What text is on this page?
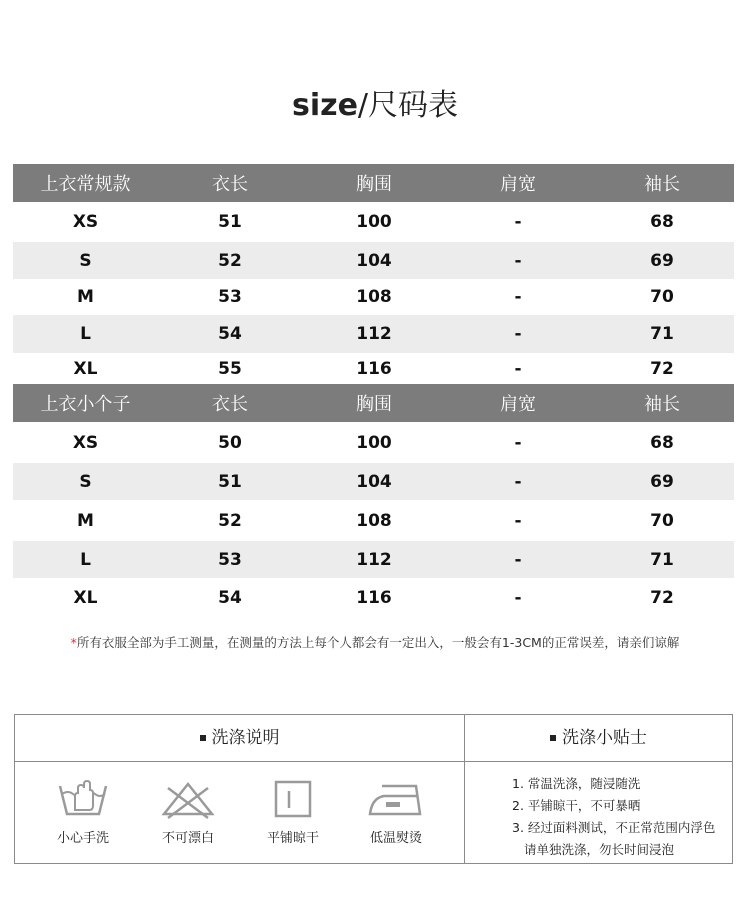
size/尺码表
上衣常规款	衣长	胸围	肩宽	袖长
XS	51	100	-	68
S	52	104	-	69
M	53	108	-	70
L	54	112	-	71
XL	55	116	-	72
上衣小个子	衣长	胸围	肩宽	袖长
XS	50	100	-	68
S	51	104	-	69
M	52	108	-	70
L	53	112	-	71
XL	54	116	-	72
*所有衣服全部为手工测量，在测量的方法上每个人都会有一定出入，一般会有1-3CM的正常误差，请亲们谅解
洗涤说明	洗涤小贴士
小心手洗	不可漂白	平铺晾干	低温熨烫
1. 常温洗涤，随浸随洗
2. 平铺晾干，不可暴晒
3. 经过面料测试，不正常范围内浮色
请单独洗涤，勿长时间浸泡
